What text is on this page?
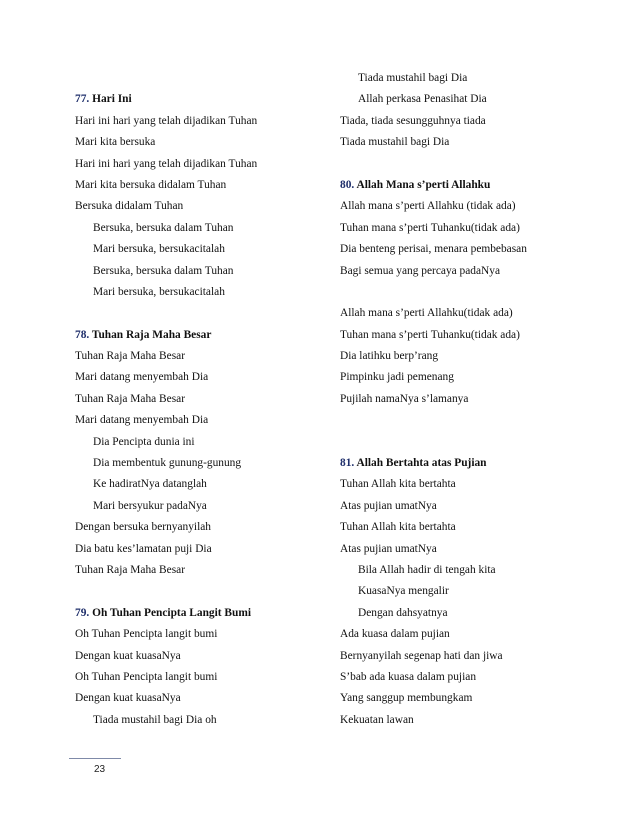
77. Hari Ini
Hari ini hari yang telah dijadikan Tuhan
Mari kita bersuka
Hari ini hari yang telah dijadikan Tuhan
Mari kita bersuka didalam Tuhan
Bersuka didalam Tuhan
Bersuka, bersuka dalam Tuhan
Mari bersuka, bersukacitalah
Bersuka, bersuka dalam Tuhan
Mari bersuka, bersukacitalah
78. Tuhan Raja Maha Besar
Tuhan Raja Maha Besar
Mari datang menyembah Dia
Tuhan Raja Maha Besar
Mari datang menyembah Dia
Dia Pencipta dunia ini
Dia membentuk gunung-gunung
Ke hadiratNya datanglah
Mari bersyukur padaNya
Dengan bersuka bernyanyilah
Dia batu kes’lamatan puji Dia
Tuhan Raja Maha Besar
79. Oh Tuhan Pencipta Langit Bumi
Oh Tuhan Pencipta langit bumi
Dengan kuat kuasaNya
Oh Tuhan Pencipta langit bumi
Dengan kuat kuasaNya
Tiada mustahil bagi Dia oh
Tiada mustahil bagi Dia
Allah perkasa Penasihat Dia
Tiada, tiada sesungguhnya tiada
Tiada mustahil bagi Dia
80. Allah Mana s’perti Allahku
Allah mana s’perti Allahku (tidak ada)
Tuhan mana s’perti Tuhanku(tidak ada)
Dia benteng perisai, menara pembebasan
Bagi semua yang percaya padaNya
Allah mana s’perti Allahku(tidak ada)
Tuhan mana s’perti Tuhanku(tidak ada)
Dia latihku berp’rang
Pimpinku jadi pemenang
Pujilah namaNya s’lamanya
81. Allah Bertahta atas Pujian
Tuhan Allah kita bertahta
Atas pujian umatNya
Tuhan Allah kita bertahta
Atas pujian umatNya
Bila Allah hadir di tengah kita
KuasaNya mengalir
Dengan dahsyatnya
Ada kuasa dalam pujian
Bernyanyilah segenap hati dan jiwa
S’bab ada kuasa dalam pujian
Yang sanggup membungkam
Kekuatan lawan
23
